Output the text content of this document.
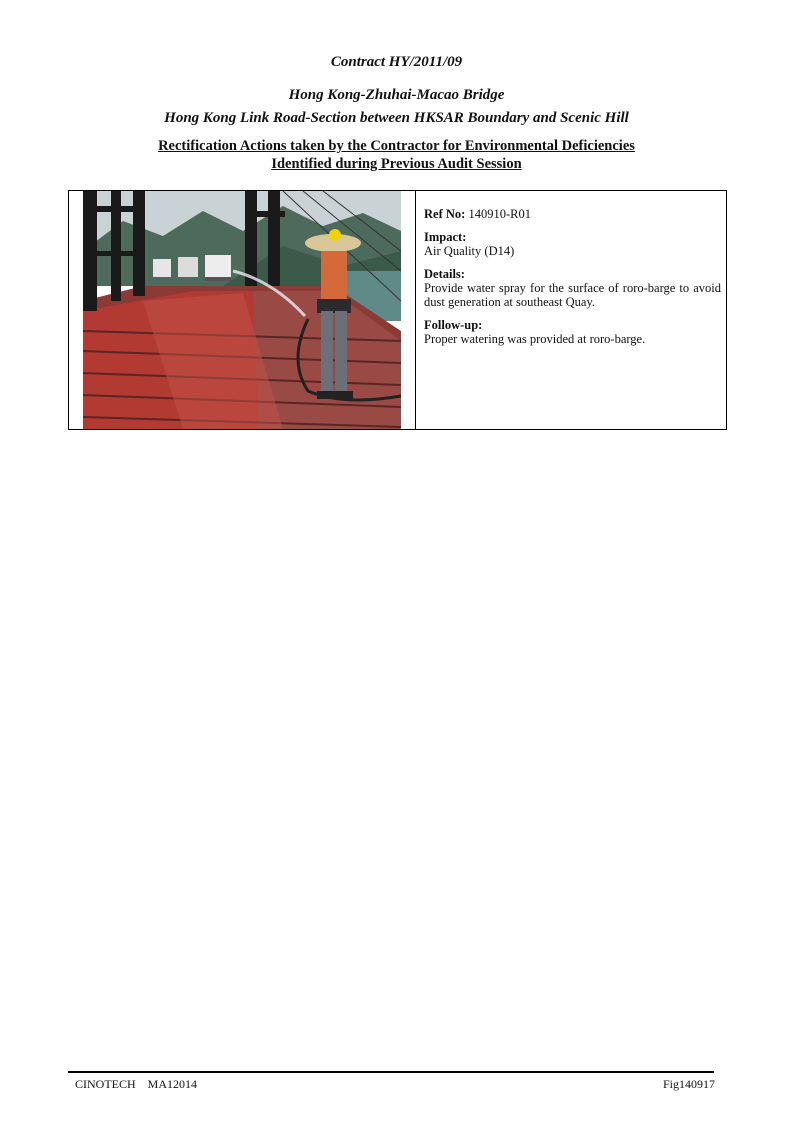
Contract HY/2011/09
Hong Kong-Zhuhai-Macao Bridge
Hong Kong Link Road-Section between HKSAR Boundary and Scenic Hill
Rectification Actions taken by the Contractor for Environmental Deficiencies
Identified during Previous Audit Session

Ref No: 140910-R01

Impact:
Air Quality (D14)

Details:
Provide water spray for the surface of roro-barge to avoid dust generation at southeast Quay.

Follow-up:
Proper watering was provided at roro-barge.

CINOTECH    MA12014	Fig140917
